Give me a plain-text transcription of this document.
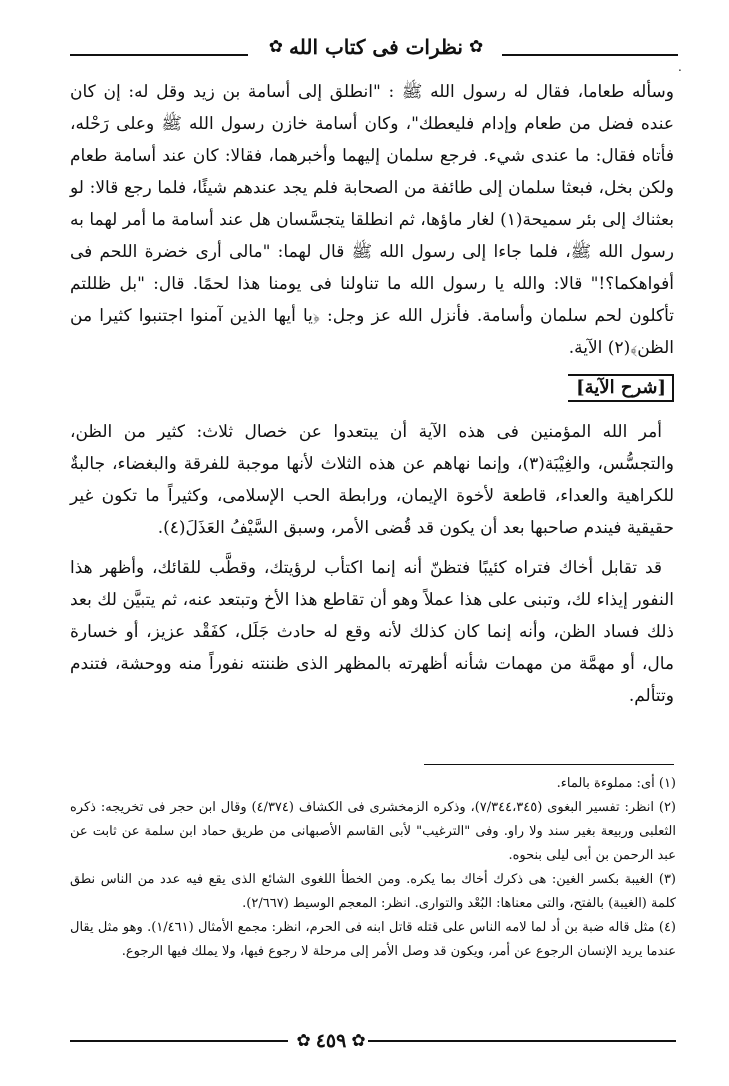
✿
نظرات فى كتاب الله
✿
.

وسأله طعاما، فقال له رسول الله ﷺ : "انطلق إلى أسامة بن زيد وقل له: إن كان عنده فضل من طعام وإدام فليعطك"، وكان أسامة خازن رسول الله ﷺ وعلى رَحْله، فأتاه فقال: ما عندى شيء. فرجع سلمان إليهما وأخبرهما، فقالا: كان عند أسامة طعام ولكن بخل، فبعثا سلمان إلى طائفة من الصحابة فلم يجد عندهم شيئًا، فلما رجع قالا: لو بعثناك إلى بئر سميحة(١) لغار ماؤها، ثم انطلقا يتجسَّسان هل عند أسامة ما أمر لهما به رسول الله ﷺ، فلما جاءا إلى رسول الله ﷺ قال لهما: "مالى أرى خضرة اللحم فى أفواهكما؟!" قالا: والله يا رسول الله ما تناولنا فى يومنا هذا لحمًا. قال: "بل ظللتم تأكلون لحم سلمان وأسامة. فأنزل الله عز وجل: ﴿يا أيها الذين آمنوا اجتنبوا كثيرا من الظن﴾(٢) الآية.

[شرح الآية]

أمر الله المؤمنين فى هذه الآية أن يبتعدوا عن خصال ثلاث: كثير من الظن، والتجسُّس، والغِيْبَة(٣)، وإنما نهاهم عن هذه الثلاث لأنها موجبة للفرقة والبغضاء، جالبةٌ للكراهية والعداء، قاطعة لأخوة الإيمان، ورابطة الحب الإسلامى، وكثيراً ما تكون غير حقيقية فيندم صاحبها بعد أن يكون قد قُضى الأمر، وسبق السَّيْفُ العَذَلَ(٤).

قد تقابل أخاك فتراه كئيبًا فتظنّ أنه إنما اكتأب لرؤيتك، وقطَّب للقائك، وأظهر هذا النفور إيذاء لك، وتبنى على هذا عملاً وهو أن تقاطع هذا الأخ وتبتعد عنه، ثم يتبيَّن لك بعد ذلك فساد الظن، وأنه إنما كان كذلك لأنه وقع له حادث جَلَل، كفَقْد عزيز، أو خسارة مال، أو مهمَّة من مهمات شأنه أظهرته بالمظهر الذى ظننته نفوراً منه ووحشة، فتندم وتتألم.

(١) أى: مملوءة بالماء.

(٢) انظر: تفسير البغوى (٧/٣٤٤،٣٤٥)، وذكره الزمخشرى فى الكشاف (٤/٣٧٤) وقال ابن حجر فى تخريجه: ذكره الثعلبى وربيعة بغير سند ولا راو. وفى "الترغيب" لأبى القاسم الأصبهانى من طريق حماد ابن سلمة عن ثابت عن عبد الرحمن بن أبى ليلى بنحوه.

(٣) الغيبة بكسر الغين: هى ذكرك أخاك بما يكره. ومن الخطأ اللغوى الشائع الذى يقع فيه عدد من الناس نطق كلمة (الغيبة) بالفتح، والتى معناها: البُعْد والتوارى. انظر: المعجم الوسيط (٢/٦٦٧).

(٤) مثل قاله ضبة بن أد لما لامه الناس على قتله قاتل ابنه فى الحرم، انظر: مجمع الأمثال (١/٤٦١). وهو مثل يقال عندما يريد الإنسان الرجوع عن أمر، ويكون قد وصل الأمر إلى مرحلة لا رجوع فيها، ولا يملك فيها الرجوع.

✿ ٤٥٩ ✿
